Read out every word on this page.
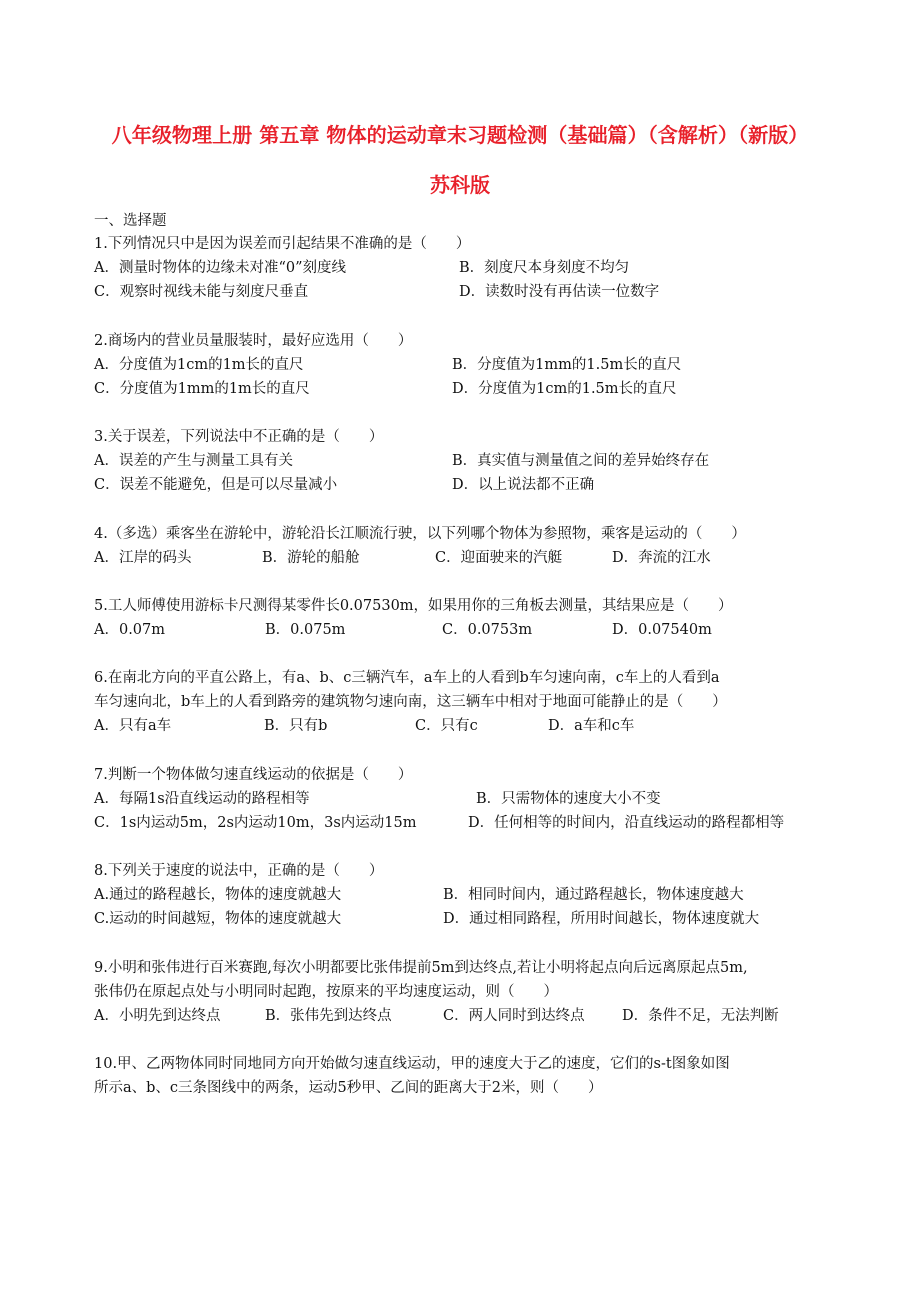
八年级物理上册 第五章 物体的运动章末习题检测（基础篇）（含解析）（新版）
苏科版
一、选择题
1.下列情况只中是因为误差而引起结果不准确的是（　　）
A．测量时物体的边缘未对准“0”刻度线	B．刻度尺本身刻度不均匀
C．观察时视线未能与刻度尺垂直	D．读数时没有再估读一位数字
2.商场内的营业员量服装时，最好应选用（　　）
A．分度值为1cm的1m长的直尺	B．分度值为1mm的1.5m长的直尺
C．分度值为1mm的1m长的直尺	D．分度值为1cm的1.5m长的直尺
3.关于误差，下列说法中不正确的是（　　）
A．误差的产生与测量工具有关	B．真实值与测量值之间的差异始终存在
C．误差不能避免，但是可以尽量减小	D．以上说法都不正确
4.（多选）乘客坐在游轮中，游轮沿长江顺流行驶，以下列哪个物体为参照物，乘客是运动的（　　）
A．江岸的码头	B．游轮的船舱	C．迎面驶来的汽艇	D．奔流的江水
5.工人师傅使用游标卡尺测得某零件长0.07530m，如果用你的三角板去测量，其结果应是（　　）
A．0.07m	B．0.075m	C．0.0753m	D．0.07540m
6.在南北方向的平直公路上，有a、b、c三辆汽车，a车上的人看到b车匀速向南，c车上的人看到a
车匀速向北，b车上的人看到路旁的建筑物匀速向南，这三辆车中相对于地面可能静止的是（　　）
A．只有a车	B．只有b	C．只有c	D．a车和c车
7.判断一个物体做匀速直线运动的依据是（　　）
A．每隔1s沿直线运动的路程相等	B．只需物体的速度大小不变
C．1s内运动5m，2s内运动10m，3s内运动15m	D．任何相等的时间内，沿直线运动的路程都相等
8.下列关于速度的说法中，正确的是（　　）
A.通过的路程越长，物体的速度就越大	B．相同时间内，通过路程越长，物体速度越大
C.运动的时间越短，物体的速度就越大	D．通过相同路程，所用时间越长，物体速度就大
9.小明和张伟进行百米赛跑,每次小明都要比张伟提前5m到达终点,若让小明将起点向后远离原起点5m,
张伟仍在原起点处与小明同时起跑，按原来的平均速度运动，则（　　）
A．小明先到达终点	B．张伟先到达终点	C．两人同时到达终点	D．条件不足，无法判断
10.甲、乙两物体同时同地同方向开始做匀速直线运动，甲的速度大于乙的速度，它们的s-t图象如图
所示a、b、c三条图线中的两条，运动5秒甲、乙间的距离大于2米，则（　　）
